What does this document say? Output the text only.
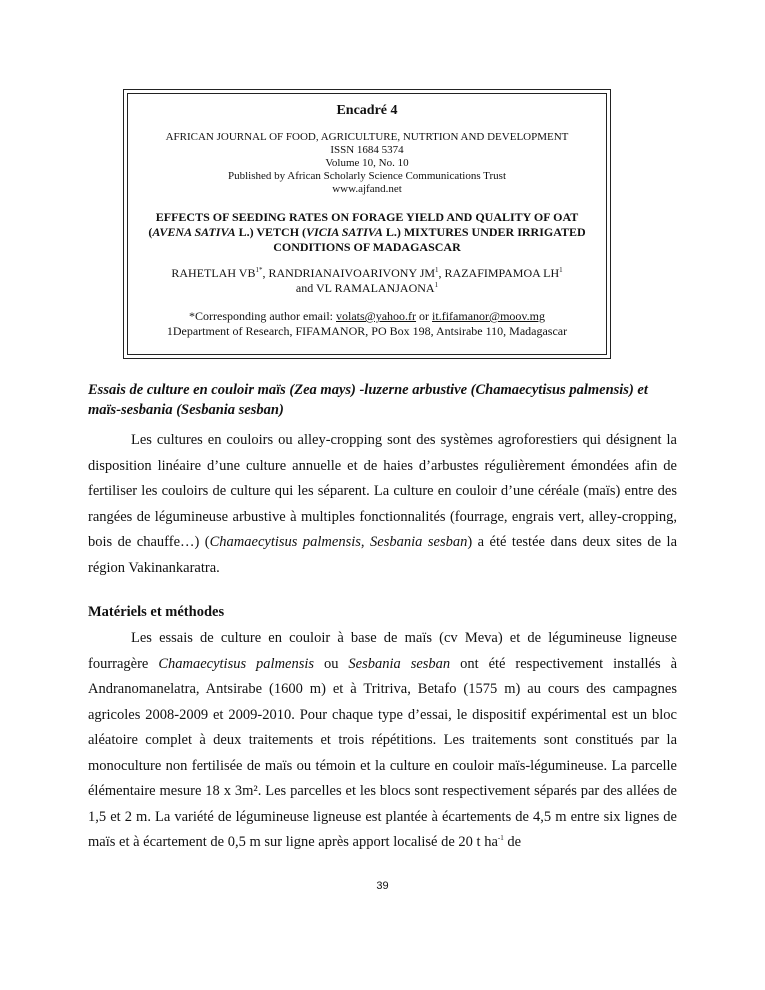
Encadré 4
AFRICAN JOURNAL OF FOOD, AGRICULTURE, NUTRTION AND DEVELOPMENT
ISSN 1684 5374
Volume 10, No. 10
Published by African Scholarly Science Communications Trust
www.ajfand.net
EFFECTS OF SEEDING RATES ON FORAGE YIELD AND QUALITY OF OAT (AVENA SATIVA L.) VETCH (VICIA SATIVA L.) MIXTURES UNDER IRRIGATED CONDITIONS OF MADAGASCAR
RAHETLAH $VB^{1*}$, RANDRIANAIVOARIVONY $JM^1$, RAZAFIMPAMOA $LH^1$
and VL RAMALANJAONA$^1$
*Corresponding author email: volats@yahoo.fr or it.fifamanor@moov.mg
1Department of Research, FIFAMANOR, PO Box 198, Antsirabe 110, Madagascar
Essais de culture en couloir maïs (Zea mays) -luzerne arbustive (Chamaecytisus palmensis) et maïs-sesbania (Sesbania sesban)

Les cultures en couloirs ou alley-cropping sont des systèmes agroforestiers qui désignent la disposition linéaire d’une culture annuelle et de haies d’arbustes régulièrement émondées afin de fertiliser les couloirs de culture qui les séparent. La culture en couloir d’une céréale (maïs) entre des rangées de légumineuse arbustive à multiples fonctionnalités (fourrage, engrais vert, alley-cropping, bois de chauffe…) (Chamaecytisus palmensis, Sesbania sesban) a été testée dans deux sites de la région Vakinankaratra.

Matériels et méthodes

Les essais de culture en couloir à base de maïs (cv Meva) et de légumineuse ligneuse fourragère Chamaecytisus palmensis ou Sesbania sesban ont été respectivement installés à Andranomanelatra, Antsirabe (1600 m) et à Tritriva, Betafo (1575 m) au cours des campagnes agricoles 2008-2009 et 2009-2010. Pour chaque type d’essai, le dispositif expérimental est un bloc aléatoire complet à deux traitements et trois répétitions. Les traitements sont constitués par la monoculture non fertilisée de maïs ou témoin et la culture en couloir maïs-légumineuse. La parcelle élémentaire mesure 18 x 3m². Les parcelles et les blocs sont respectivement séparés par des allées de 1,5 et 2 m. La variété de légumineuse ligneuse est plantée à écartements de 4,5 m entre six lignes de maïs et à écartement de 0,5 m sur ligne après apport localisé de 20 t $ha^{-1}$ de

39
